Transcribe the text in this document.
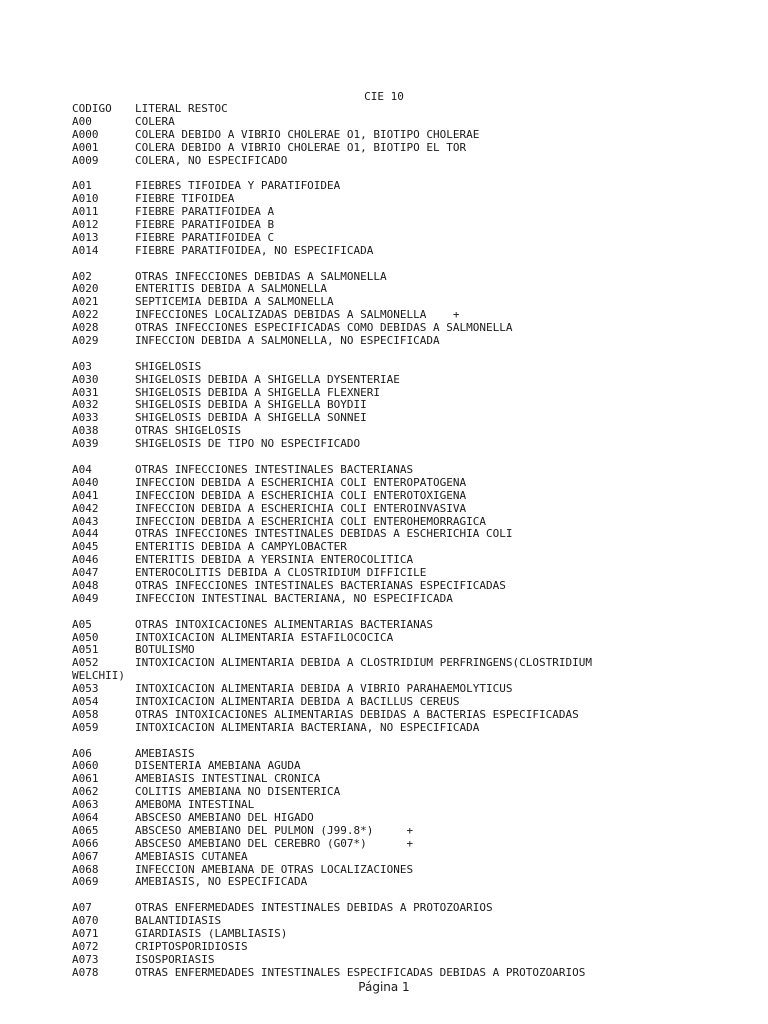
CIE 10
CODIGO LITERAL RESTOC
A00	COLERA
A000	COLERA DEBIDO A VIBRIO CHOLERAE O1, BIOTIPO CHOLERAE
A001	COLERA DEBIDO A VIBRIO CHOLERAE O1, BIOTIPO EL TOR
A009	COLERA, NO ESPECIFICADO
A01	FIEBRES TIFOIDEA Y PARATIFOIDEA
A010	FIEBRE TIFOIDEA
A011	FIEBRE PARATIFOIDEA A
A012	FIEBRE PARATIFOIDEA B
A013	FIEBRE PARATIFOIDEA C
A014	FIEBRE PARATIFOIDEA, NO ESPECIFICADA
A02	OTRAS INFECCIONES DEBIDAS A SALMONELLA
A020	ENTERITIS DEBIDA A SALMONELLA
A021	SEPTICEMIA DEBIDA A SALMONELLA
A022	INFECCIONES LOCALIZADAS DEBIDAS A SALMONELLA    +
A028	OTRAS INFECCIONES ESPECIFICADAS COMO DEBIDAS A SALMONELLA
A029	INFECCION DEBIDA A SALMONELLA, NO ESPECIFICADA
A03	SHIGELOSIS
A030	SHIGELOSIS DEBIDA A SHIGELLA DYSENTERIAE
A031	SHIGELOSIS DEBIDA A SHIGELLA FLEXNERI
A032	SHIGELOSIS DEBIDA A SHIGELLA BOYDII
A033	SHIGELOSIS DEBIDA A SHIGELLA SONNEI
A038	OTRAS SHIGELOSIS
A039	SHIGELOSIS DE TIPO NO ESPECIFICADO
A04	OTRAS INFECCIONES INTESTINALES BACTERIANAS
A040	INFECCION DEBIDA A ESCHERICHIA COLI ENTEROPATOGENA
A041	INFECCION DEBIDA A ESCHERICHIA COLI ENTEROTOXIGENA
A042	INFECCION DEBIDA A ESCHERICHIA COLI ENTEROINVASIVA
A043	INFECCION DEBIDA A ESCHERICHIA COLI ENTEROHEMORRAGICA
A044	OTRAS INFECCIONES INTESTINALES DEBIDAS A ESCHERICHIA COLI
A045	ENTERITIS DEBIDA A CAMPYLOBACTER
A046	ENTERITIS DEBIDA A YERSINIA ENTEROCOLITICA
A047	ENTEROCOLITIS DEBIDA A CLOSTRIDIUM DIFFICILE
A048	OTRAS INFECCIONES INTESTINALES BACTERIANAS ESPECIFICADAS
A049	INFECCION INTESTINAL BACTERIANA, NO ESPECIFICADA
A05	OTRAS INTOXICACIONES ALIMENTARIAS BACTERIANAS
A050	INTOXICACION ALIMENTARIA ESTAFILOCOCICA
A051	BOTULISMO
A052	INTOXICACION ALIMENTARIA DEBIDA A CLOSTRIDIUM PERFRINGENS(CLOSTRIDIUM
WELCHII)
A053	INTOXICACION ALIMENTARIA DEBIDA A VIBRIO PARAHAEMOLYTICUS
A054	INTOXICACION ALIMENTARIA DEBIDA A BACILLUS CEREUS
A058	OTRAS INTOXICACIONES ALIMENTARIAS DEBIDAS A BACTERIAS ESPECIFICADAS
A059	INTOXICACION ALIMENTARIA BACTERIANA, NO ESPECIFICADA
A06	AMEBIASIS
A060	DISENTERIA AMEBIANA AGUDA
A061	AMEBIASIS INTESTINAL CRONICA
A062	COLITIS AMEBIANA NO DISENTERICA
A063	AMEBOMA INTESTINAL
A064	ABSCESO AMEBIANO DEL HIGADO
A065	ABSCESO AMEBIANO DEL PULMON (J99.8*)     +
A066	ABSCESO AMEBIANO DEL CEREBRO (G07*)      +
A067	AMEBIASIS CUTANEA
A068	INFECCION AMEBIANA DE OTRAS LOCALIZACIONES
A069	AMEBIASIS, NO ESPECIFICADA
A07	OTRAS ENFERMEDADES INTESTINALES DEBIDAS A PROTOZOARIOS
A070	BALANTIDIASIS
A071	GIARDIASIS (LAMBLIASIS)
A072	CRIPTOSPORIDIOSIS
A073	ISOSPORIASIS
A078	OTRAS ENFERMEDADES INTESTINALES ESPECIFICADAS DEBIDAS A PROTOZOARIOS
Página 1
